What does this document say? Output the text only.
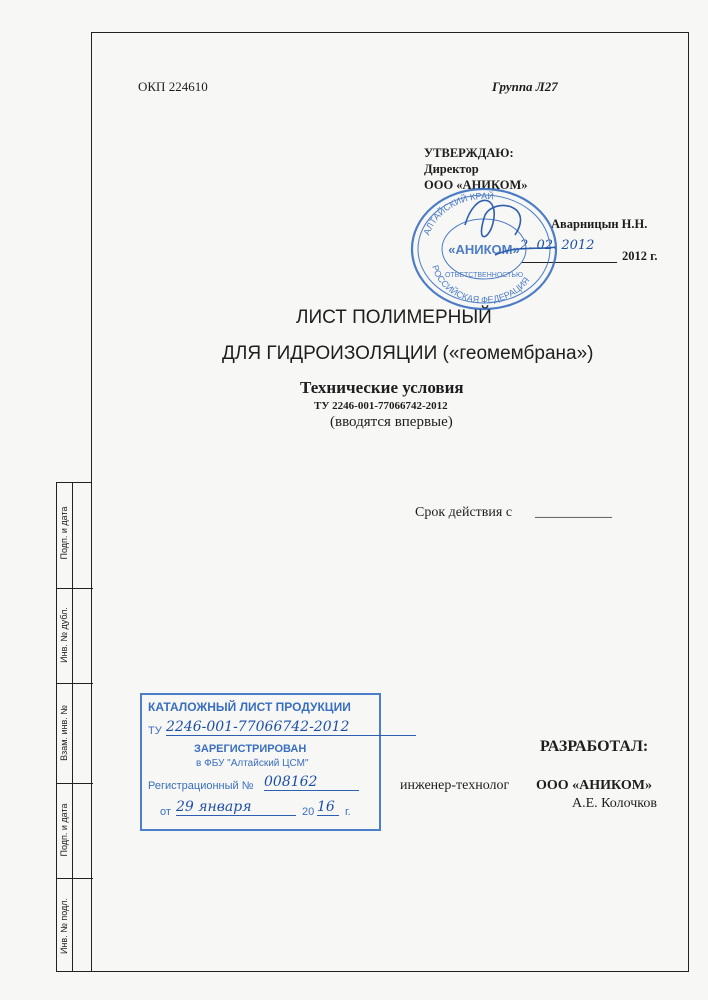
Подп. и дата
Инв. № дубл.
Взам. инв. №
Подп. и дата
Инв. № подл.
ОКП 224610	Группа Л27
УТВЕРЖДАЮ:
Директор
ООО «АНИКОМ»
Аварницын Н.Н.
2. 02. 2012
2012 г.
АЛТАЙСКИЙ КРАЙ
РОССИЙСКАЯ ФЕДЕРАЦИЯ
ОТВЕТСТВЕННОСТЬЮ
«АНИКОМ»
ЛИСТ ПОЛИМЕРНЫЙ
ДЛЯ ГИДРОИЗОЛЯЦИИ («геомембрана»)
Технические условия
ТУ 2246-001-77066742-2012
(вводятся впервые)
Срок действия с ___________
РАЗРАБОТАЛ:
инженер-технолог ООО «АНИКОМ»
А.Е. Колочков
КАТАЛОЖНЫЙ ЛИСТ ПРОДУКЦИИ
ТУ 2246-001-77066742-2012
ЗАРЕГИСТРИРОВАН
в ФБУ "Алтайский ЦСМ"
Регистрационный № 008162
от 29 января	20 16 г.
